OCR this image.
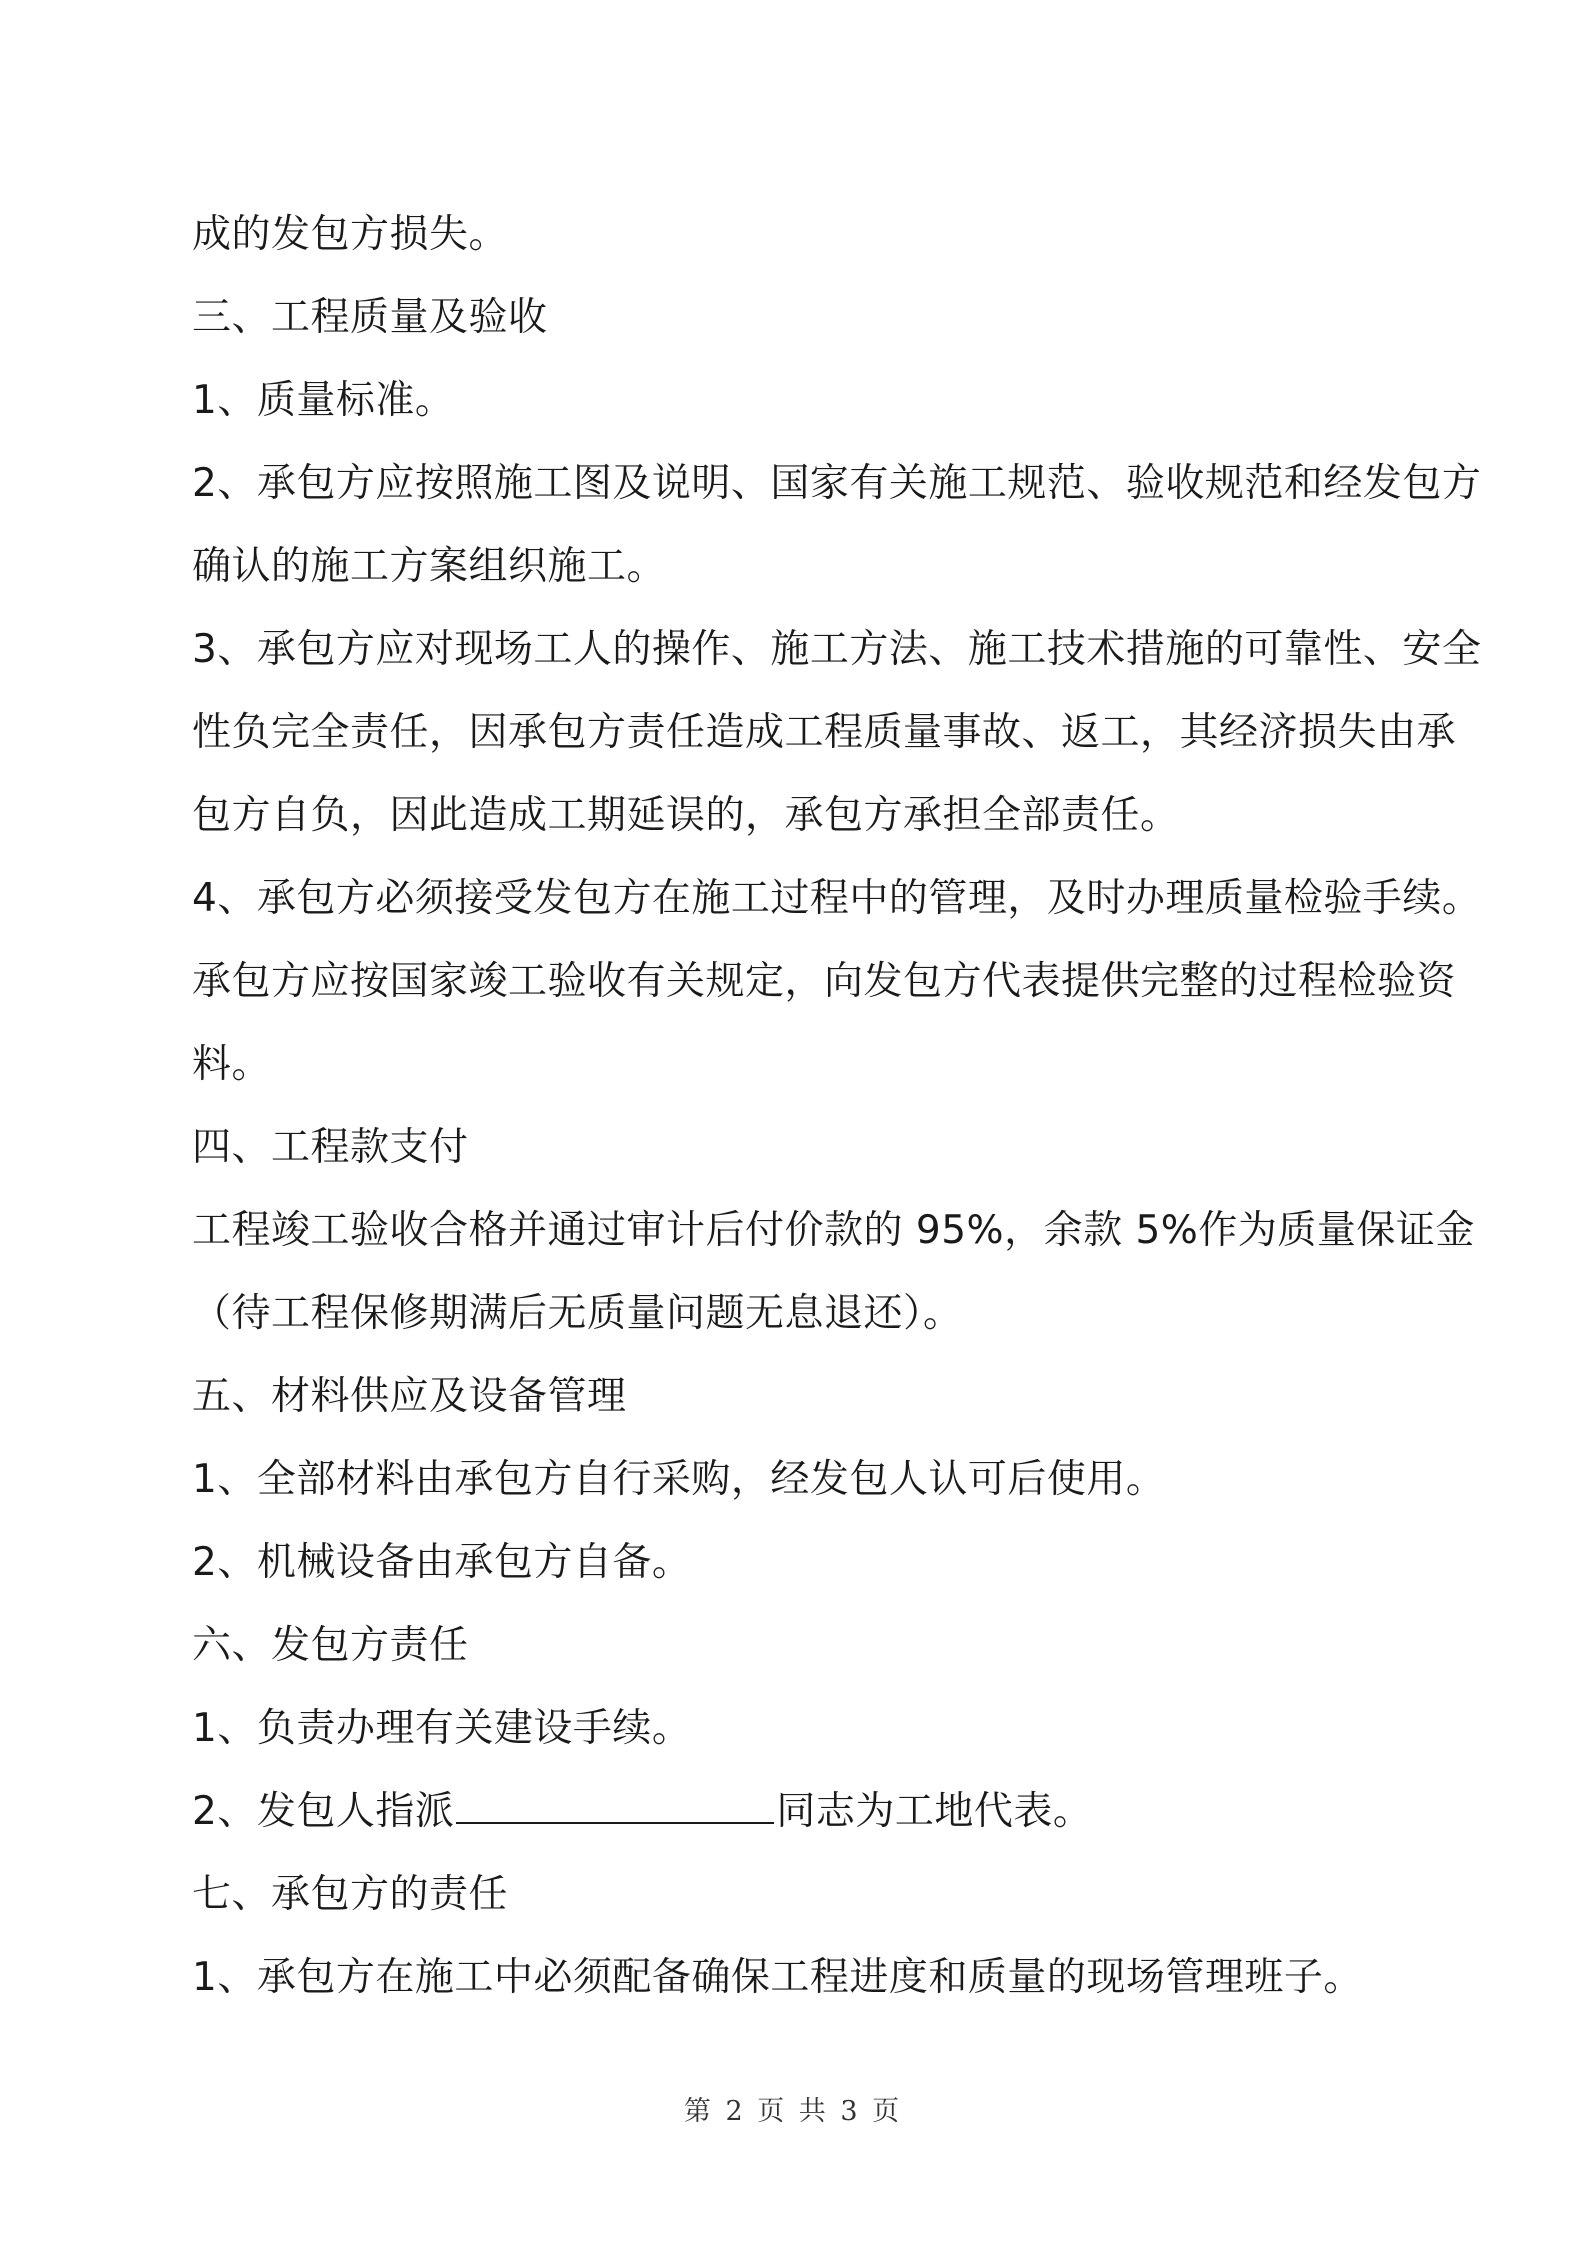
成的发包方损失。
三、工程质量及验收
1、质量标准。
2、承包方应按照施工图及说明、国家有关施工规范、验收规范和经发包方
确认的施工方案组织施工。
3、承包方应对现场工人的操作、施工方法、施工技术措施的可靠性、安全
性负完全责任，因承包方责任造成工程质量事故、返工，其经济损失由承
包方自负，因此造成工期延误的，承包方承担全部责任。
4、承包方必须接受发包方在施工过程中的管理，及时办理质量检验手续。
承包方应按国家竣工验收有关规定，向发包方代表提供完整的过程检验资
料。
四、工程款支付
工程竣工验收合格并通过审计后付价款的 95%，余款 5%作为质量保证金
（待工程保修期满后无质量问题无息退还）。
五、材料供应及设备管理
1、全部材料由承包方自行采购，经发包人认可后使用。
2、机械设备由承包方自备。
六、发包方责任
1、负责办理有关建设手续。
2、发包人指派	同志为工地代表。
七、承包方的责任
1、承包方在施工中必须配备确保工程进度和质量的现场管理班子。
第 2 页 共 3 页
